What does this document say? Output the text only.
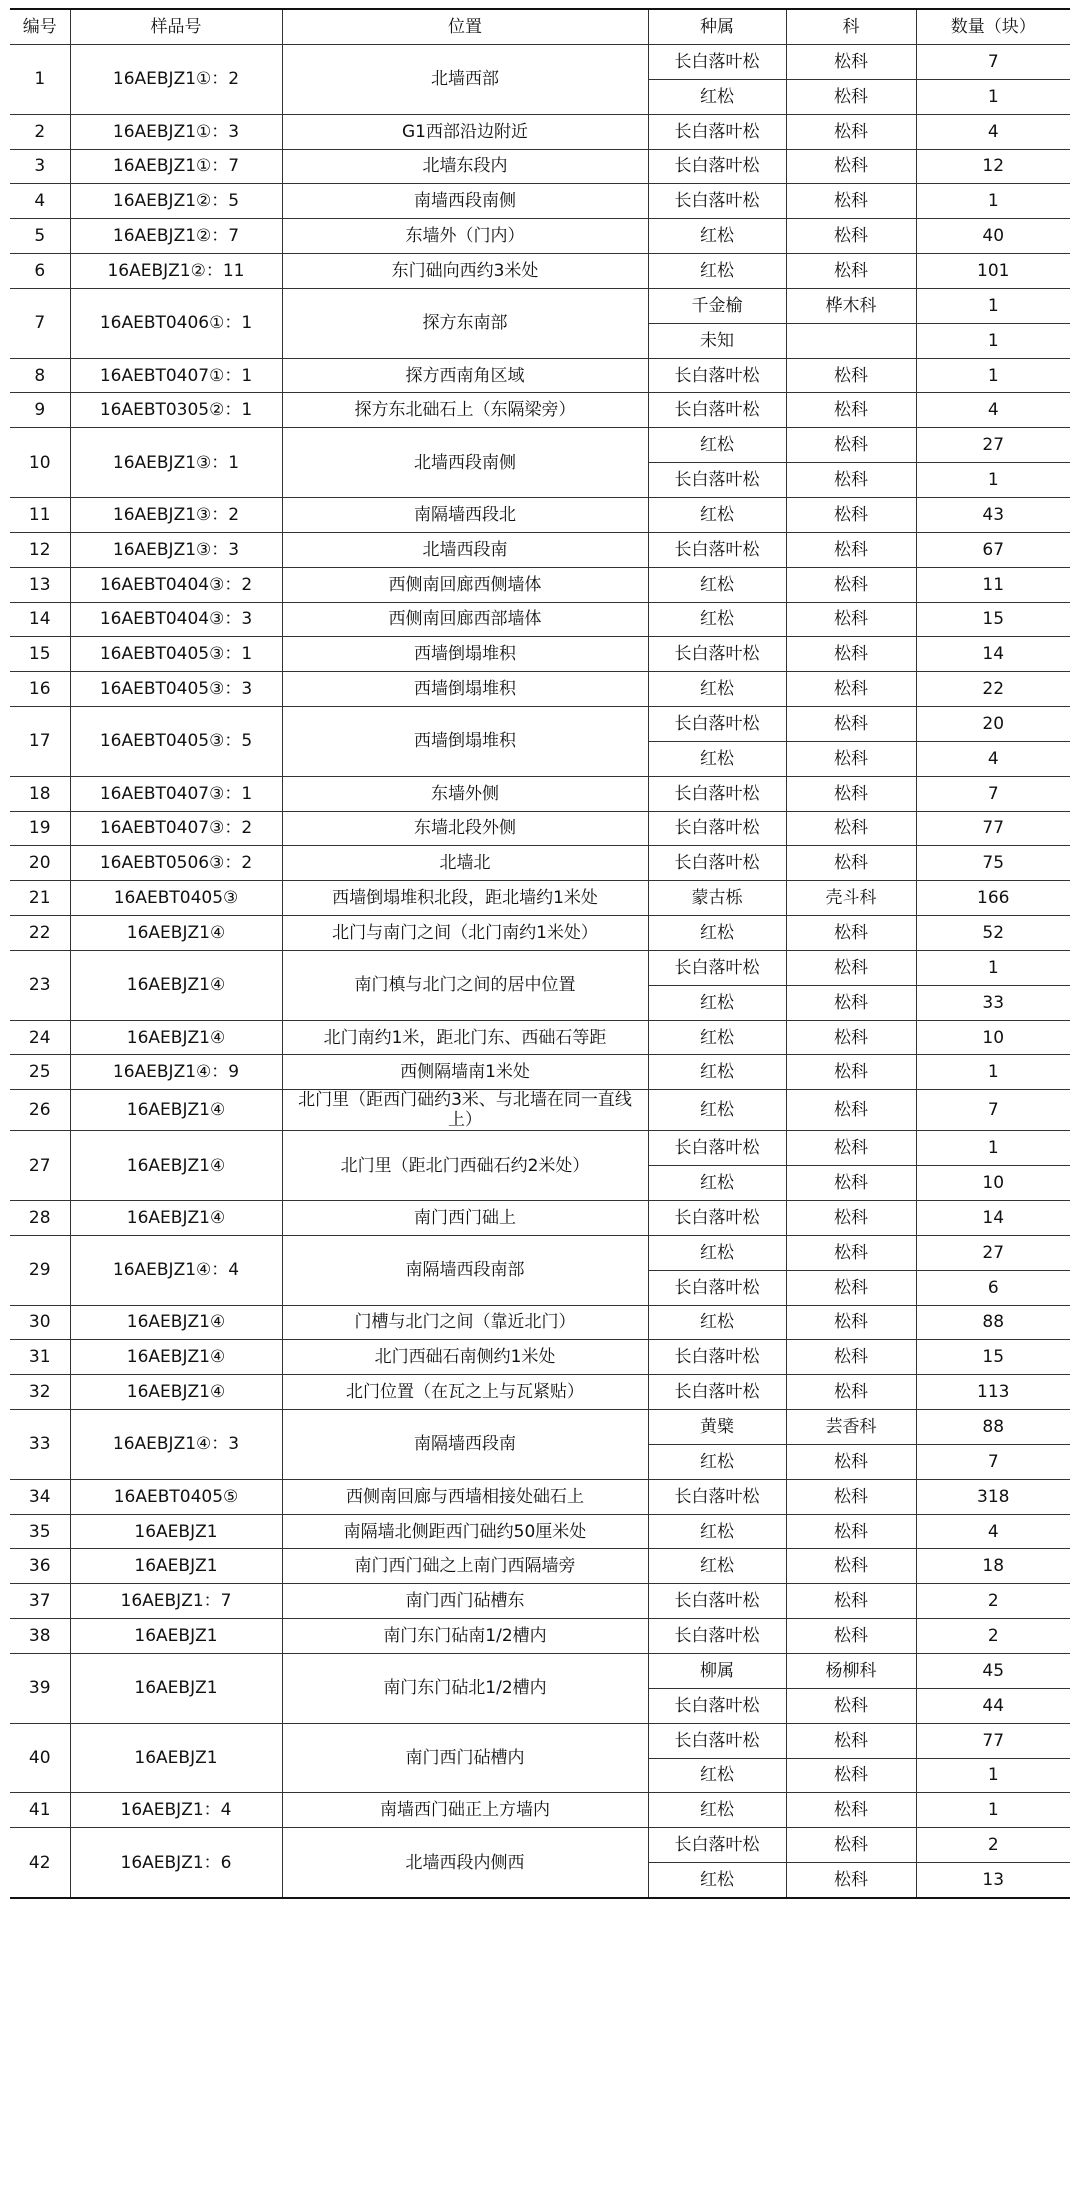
编号	样品号	位置	种属	科	数量（块）
1	16AEBJZ1①：2	北墙西部	长白落叶松	松科	7
			红松	松科	1
2	16AEBJZ1①：3	G1西部沿边附近	长白落叶松	松科	4
3	16AEBJZ1①：7	北墙东段内	长白落叶松	松科	12
4	16AEBJZ1②：5	南墙西段南侧	长白落叶松	松科	1
5	16AEBJZ1②：7	东墙外（门内）	红松	松科	40
6	16AEBJZ1②：11	东门础向西约3米处	红松	松科	101
7	16AEBT0406①：1	探方东南部	千金榆	桦木科	1
			未知		1
8	16AEBT0407①：1	探方西南角区域	长白落叶松	松科	1
9	16AEBT0305②：1	探方东北础石上（东隔梁旁）	长白落叶松	松科	4
10	16AEBJZ1③：1	北墙西段南侧	红松	松科	27
			长白落叶松	松科	1
11	16AEBJZ1③：2	南隔墙西段北	红松	松科	43
12	16AEBJZ1③：3	北墙西段南	长白落叶松	松科	67
13	16AEBT0404③：2	西侧南回廊西侧墙体	红松	松科	11
14	16AEBT0404③：3	西侧南回廊西部墙体	红松	松科	15
15	16AEBT0405③：1	西墙倒塌堆积	长白落叶松	松科	14
16	16AEBT0405③：3	西墙倒塌堆积	红松	松科	22
17	16AEBT0405③：5	西墙倒塌堆积	长白落叶松	松科	20
			红松	松科	4
18	16AEBT0407③：1	东墙外侧	长白落叶松	松科	7
19	16AEBT0407③：2	东墙北段外侧	长白落叶松	松科	77
20	16AEBT0506③：2	北墙北	长白落叶松	松科	75
21	16AEBT0405③	西墙倒塌堆积北段，距北墙约1米处	蒙古栎	壳斗科	166
22	16AEBJZ1④	北门与南门之间（北门南约1米处）	红松	松科	52
23	16AEBJZ1④	南门槙与北门之间的居中位置	长白落叶松	松科	1
			红松	松科	33
24	16AEBJZ1④	北门南约1米，距北门东、西础石等距	红松	松科	10
25	16AEBJZ1④：9	西侧隔墙南1米处	红松	松科	1
26	16AEBJZ1④	北门里（距西门础约3米、与北墙在同一直线上）	红松	松科	7
27	16AEBJZ1④	北门里（距北门西础石约2米处）	长白落叶松	松科	1
			红松	松科	10
28	16AEBJZ1④	南门西门础上	长白落叶松	松科	14
29	16AEBJZ1④：4	南隔墙西段南部	红松	松科	27
			长白落叶松	松科	6
30	16AEBJZ1④	门槽与北门之间（靠近北门）	红松	松科	88
31	16AEBJZ1④	北门西础石南侧约1米处	长白落叶松	松科	15
32	16AEBJZ1④	北门位置（在瓦之上与瓦紧贴）	长白落叶松	松科	113
33	16AEBJZ1④：3	南隔墙西段南	黄檗	芸香科	88
			红松	松科	7
34	16AEBT0405⑤	西侧南回廊与西墙相接处础石上	长白落叶松	松科	318
35	16AEBJZ1	南隔墙北侧距西门础约50厘米处	红松	松科	4
36	16AEBJZ1	南门西门础之上南门西隔墙旁	红松	松科	18
37	16AEBJZ1：7	南门西门砧槽东	长白落叶松	松科	2
38	16AEBJZ1	南门东门砧南1/2槽内	长白落叶松	松科	2
39	16AEBJZ1	南门东门砧北1/2槽内	柳属	杨柳科	45
			长白落叶松	松科	44
40	16AEBJZ1	南门西门砧槽内	长白落叶松	松科	77
			红松	松科	1
41	16AEBJZ1：4	南墙西门础正上方墙内	红松	松科	1
42	16AEBJZ1：6	北墙西段内侧西	长白落叶松	松科	2
			红松	松科	13
